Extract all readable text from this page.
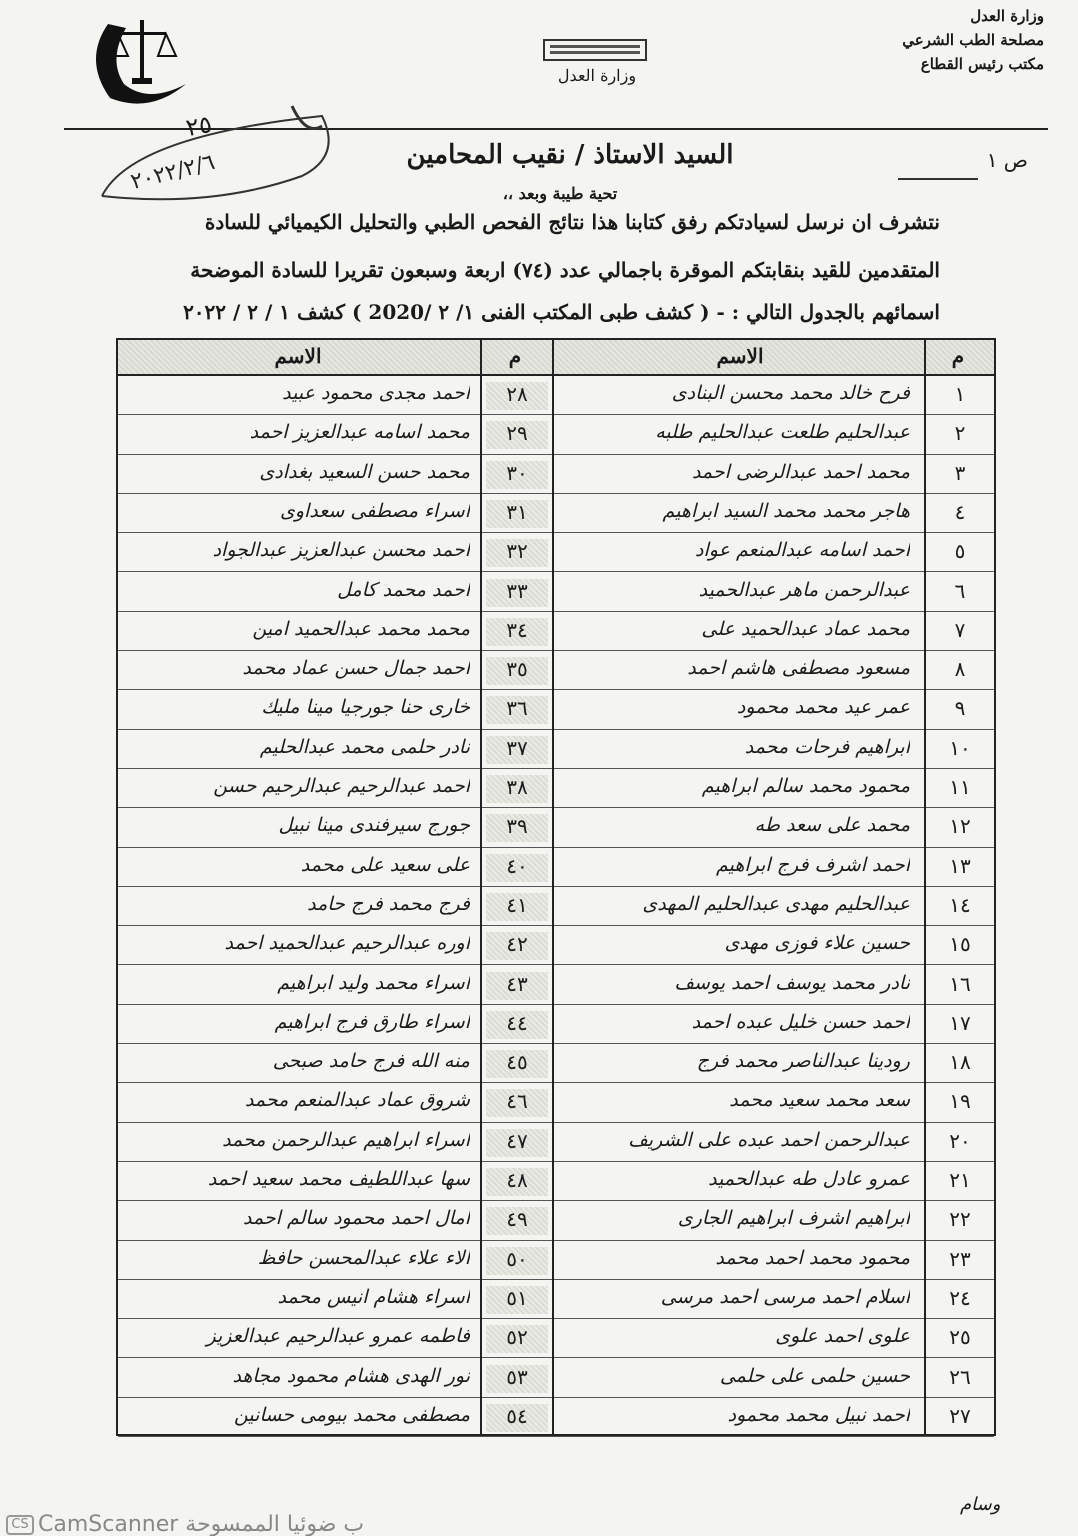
وزارة العدل
وزارة العدل
مصلحة الطب الشرعي
مكتب رئيس القطاع
٢٥
٢٠٢٢/٢/٦	ص ١
السيد الاستاذ / نقيب المحامين
تحية طيبة وبعد ،،
نتشرف ان نرسل لسيادتكم رفق كتابنا هذا نتائج الفحص الطبي والتحليل الكيميائي للسادة
المتقدمين للقيد بنقابتكم الموقرة باجمالي عدد (٧٤) اربعة وسبعون تقريرا للسادة الموضحة
اسمائهم بالجدول التالي : - ( كشف طبى المكتب الفنى ١/ ٢ /2020 ) كشف ١ / ٢ / ٢٠٢٢
م
الاسم
م
الاسم
١
فرح خالد محمد محسن البنادى
٢٨
احمد مجدى محمود عبيد
٢
عبدالحليم طلعت عبدالحليم طلبه
٢٩
محمد اسامه عبدالعزيز احمد
٣
محمد احمد عبدالرضى احمد
٣٠
محمد حسن السعيد بغدادى
٤
هاجر محمد محمد السيد ابراهيم
٣١
اسراء مصطفى سعداوى
٥
احمد اسامه عبدالمنعم عواد
٣٢
احمد محسن عبدالعزيز عبدالجواد
٦
عبدالرحمن ماهر عبدالحميد
٣٣
احمد محمد كامل
٧
محمد عماد عبدالحميد على
٣٤
محمد محمد عبدالحميد امين
٨
مسعود مصطفى هاشم احمد
٣٥
احمد جمال حسن عماد محمد
٩
عمر عيد محمد محمود
٣٦
خارى حنا جورجيا مينا مليك
١٠
ابراهيم فرحات محمد
٣٧
نادر حلمى محمد عبدالحليم
١١
محمود محمد سالم ابراهيم
٣٨
احمد عبدالرحيم عبدالرحيم حسن
١٢
محمد على سعد طه
٣٩
جورج سيرفندى مينا نبيل
١٣
احمد اشرف فرج ابراهيم
٤٠
على سعيد على محمد
١٤
عبدالحليم مهدى عبدالحليم المهدى
٤١
فرج محمد فرج حامد
١٥
حسين علاء فوزى مهدى
٤٢
اوره عبدالرحيم عبدالحميد احمد
١٦
نادر محمد يوسف احمد يوسف
٤٣
اسراء محمد وليد ابراهيم
١٧
احمد حسن خليل عبده احمد
٤٤
اسراء طارق فرج ابراهيم
١٨
رودينا عبدالناصر محمد فرج
٤٥
منه الله فرج حامد صبحى
١٩
سعد محمد سعيد محمد
٤٦
شروق عماد عبدالمنعم محمد
٢٠
عبدالرحمن احمد عبده على الشريف
٤٧
اسراء ابراهيم عبدالرحمن محمد
٢١
عمرو عادل طه عبدالحميد
٤٨
سها عبداللطيف محمد سعيد احمد
٢٢
ابراهيم اشرف ابراهيم الجارى
٤٩
امال احمد محمود سالم احمد
٢٣
محمود محمد احمد محمد
٥٠
الاء علاء عبدالمحسن حافظ
٢٤
اسلام احمد مرسى احمد مرسى
٥١
اسراء هشام انيس محمد
٢٥
علوى احمد علوى
٥٢
فاطمه عمرو عبدالرحيم عبدالعزيز
٢٦
حسين حلمى على حلمى
٥٣
نور الهدى هشام محمود مجاهد
٢٧
احمد نبيل محمد محمود
٥٤
مصطفى محمد بيومى حسانين
وسام
CS CamScanner ب ضوئيا الممسوحة
